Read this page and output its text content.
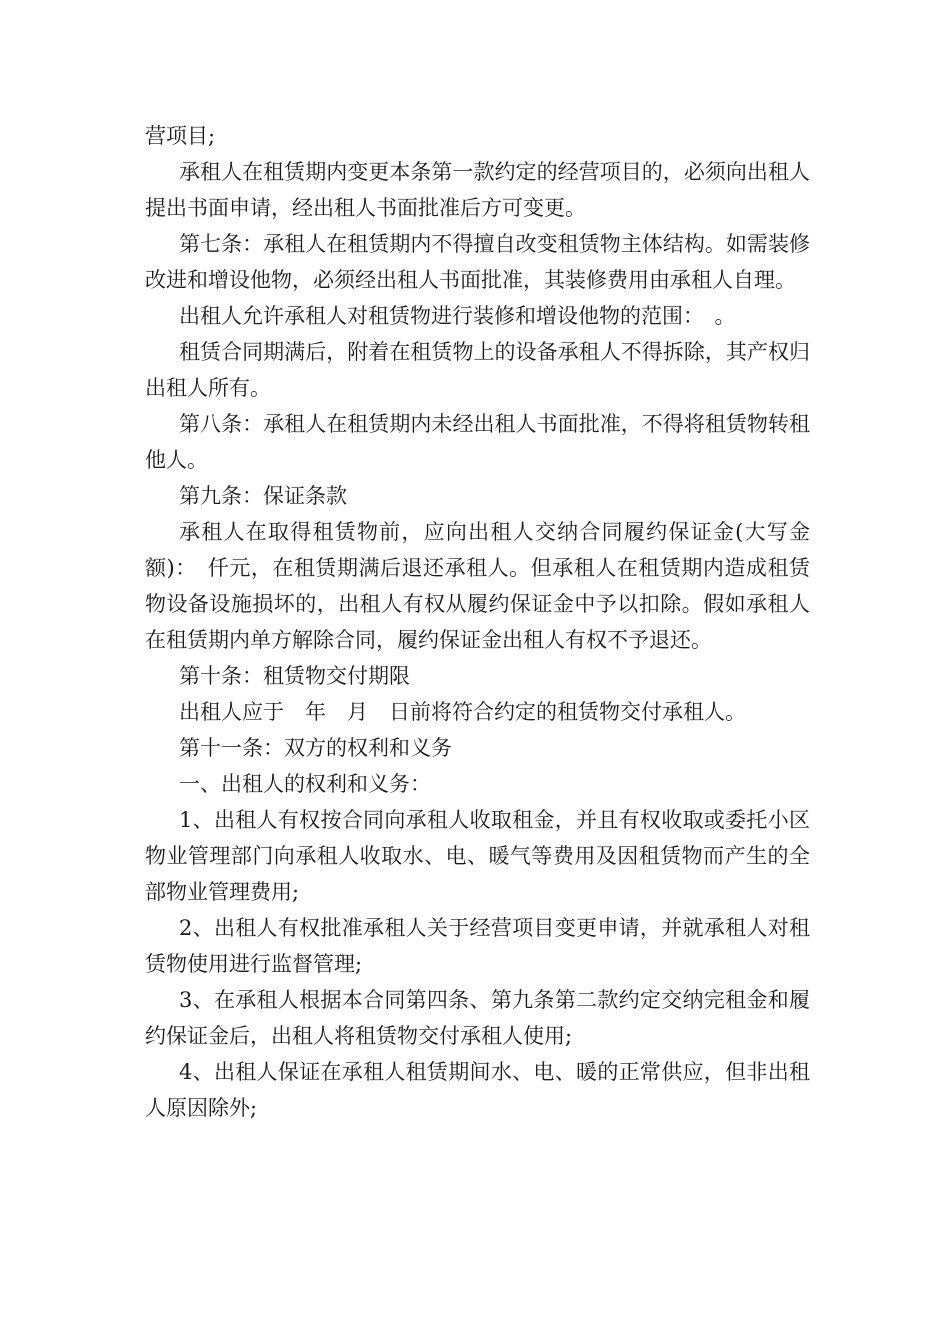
营项目;

承租人在租赁期内变更本条第一款约定的经营项目的，必须向出租人提出书面申请，经出租人书面批准后方可变更。

第七条：承租人在租赁期内不得擅自改变租赁物主体结构。如需装修改进和增设他物，必须经出租人书面批准，其装修费用由承租人自理。

出租人允许承租人对租赁物进行装修和增设他物的范围：　。

租赁合同期满后，附着在租赁物上的设备承租人不得拆除，其产权归出租人所有。

第八条：承租人在租赁期内未经出租人书面批准，不得将租赁物转租他人。

第九条：保证条款

承租人在取得租赁物前，应向出租人交纳合同履约保证金(大写金额)：　仟元，在租赁期满后退还承租人。但承租人在租赁期内造成租赁物设备设施损坏的，出租人有权从履约保证金中予以扣除。假如承租人在租赁期内单方解除合同，履约保证金出租人有权不予退还。

第十条：租赁物交付期限

出租人应于　年　月　日前将符合约定的租赁物交付承租人。

第十一条：双方的权利和义务

一、出租人的权利和义务：

1、出租人有权按合同向承租人收取租金，并且有权收取或委托小区物业管理部门向承租人收取水、电、暖气等费用及因租赁物而产生的全部物业管理费用;

2、出租人有权批准承租人关于经营项目变更申请，并就承租人对租赁物使用进行监督管理;

3、在承租人根据本合同第四条、第九条第二款约定交纳完租金和履约保证金后，出租人将租赁物交付承租人使用;

4、出租人保证在承租人租赁期间水、电、暖的正常供应，但非出租人原因除外;
